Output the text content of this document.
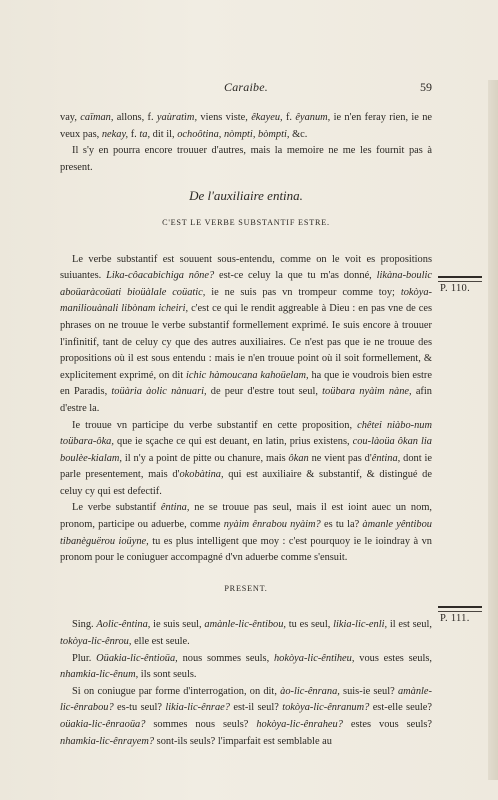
Caraibe.	59

vay, caïman, allons, f. yaùratìm, viens viste, êkayeu, f. êyanum, ie n'en feray rien, ie ne veux pas, nekay, f. ta, dit il, ochoôtina, nòmpti, bòmpti, &c.

Il s'y en pourra encore trouuer d'autres, mais la memoire ne me les fournit pas à present.

De l'auxiliaire entina.
C'EST LE VERBE SUBSTANTIF ESTRE.

Le verbe substantif est souuent sous-entendu, comme on le voit es propositions suiuantes. Lika-côacabichiga nône? est-ce celuy la que tu m'as donné, likàna-boulic aboüaràcoüati bioüàlale coüatic, ie ne suis pas vn trompeur comme toy; tokòya-maniliouànali libònam icheiri, c'est ce qui le rendit aggreable à Dieu : en pas vne de ces phrases on ne trouue le verbe substantif formellement exprimé. Ie suis encore à trouuer l'infinitif, tant de celuy cy que des autres auxiliaires. Ce n'est pas que ie ne trouue des propositions où il est sous entendu : mais ie n'en trouue point où il soit formellement, & explicitement exprimé, on dit ichic hàmoucana kahoüelam, ha que ie voudrois bien estre en Paradis, toüària àolic nànuari, de peur d'estre tout seul, toübara nyàim nàne, afin d'estre la.

Ie trouue vn participe du verbe substantif en cette proposition, chêtei niàbo-num toübara-ôka, que ie sçache ce qui est deuant, en latin, prius existens, cou-làoüa ôkan lia boulèe-kialam, il n'y a point de pitte ou chanure, mais ôkan ne vient pas d'êntina, dont ie parle presentement, mais d'okobàtina, qui est auxiliaire & substantif, & distingué de celuy cy qui est defectif.

Le verbe substantif êntina, ne se trouue pas seul, mais il est ioint auec un nom, pronom, participe ou aduerbe, comme nyàim ênrabou nyàim? es tu la? àmanle yêntibou tibanèguërou ioüyne, tu es plus intelligent que moy : c'est pourquoy ie le ioindray à vn pronom pour le coniuguer accompagné d'vn aduerbe comme s'ensuit.

PRESENT.

Sing. Aolic-êntina, ie suis seul, amànle-lic-êntibou, tu es seul, likia-lic-enli, il est seul, tokòya-lic-ênrou, elle est seule.

Plur. Oüakia-lic-êntioüa, nous sommes seuls, hokòya-lic-êntiheu, vous estes seuls, nhamkia-lic-ênum, ils sont seuls.

Si on coniugue par forme d'interrogation, on dit, ào-lic-ênrana, suis-ie seul? amànle-lic-ênrabou? es-tu seul? likia-lic-ênrae? est-il seul? tokòya-lic-ênranum? est-elle seule? oüakia-lic-ênraoüa? sommes nous seuls? hokòya-lic-ênraheu? estes vous seuls? nhamkia-lic-ênrayem? sont-ils seuls? l'imparfait est semblable au

P. 110.
P. 111.
